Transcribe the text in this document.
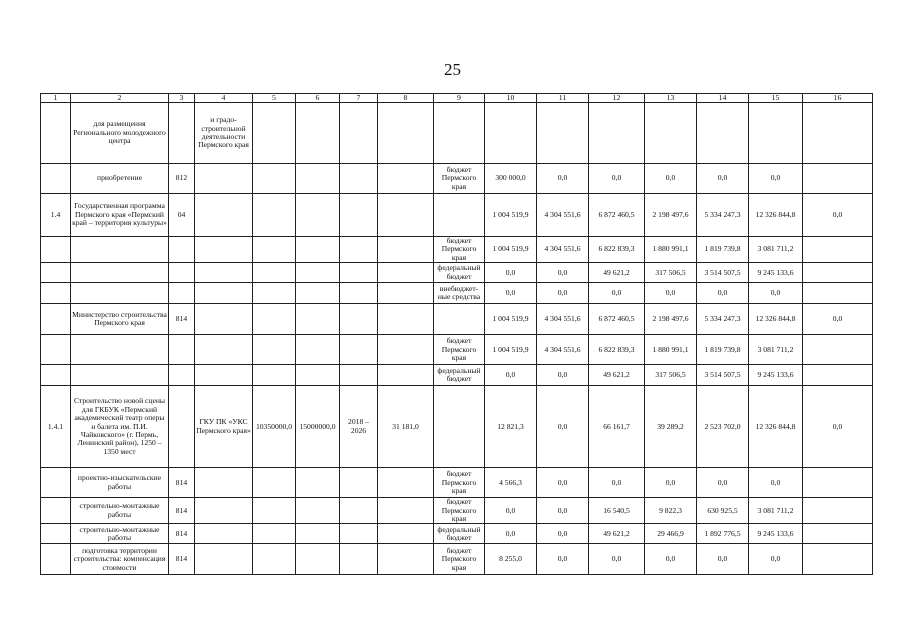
25
1	2	3	4	5	6	7	8	9	10	11	12	13	14	15	16
	для размещения Регионального молодежного центра		и градо-строительной деятельности Пермского края												
	приобретение	812						бюджет Пермского края	300 000,0	0,0	0,0	0,0	0,0	0,0	
1.4	Государственная программа Пермского края «Пермский край – территория культуры»	04							1 004 519,9	4 304 551,6	6 872 460,5	2 198 497,6	5 334 247,3	12 326 844,8	0,0
								бюджет Пермского края	1 004 519,9	4 304 551,6	6 822 839,3	1 880 991,1	1 819 739,8	3 081 711,2	
								федеральный бюджет	0,0	0,0	49 621,2	317 506,5	3 514 507,5	9 245 133,6	
								внебюджет-ные средства	0,0	0,0	0,0	0,0	0,0	0,0	
	Министерство строительства Пермского края	814							1 004 519,9	4 304 551,6	6 872 460,5	2 198 497,6	5 334 247,3	12 326 844,8	0,0
								бюджет Пермского края	1 004 519,9	4 304 551,6	6 822 839,3	1 880 991,1	1 819 739,8	3 081 711,2	
								федеральный бюджет	0,0	0,0	49 621,2	317 506,5	3 514 507,5	9 245 133,6	
1.4.1	Строительство новой сцены для ГКБУК «Пермский академический театр оперы и балета им. П.И. Чайковского» (г. Пермь, Ленинский район), 1250 – 1350 мест		ГКУ ПК «УКС Пермского края»	10350000,0	15000000,0	2018 – 2026	31 181,0		12 821,3	0,0	66 161,7	39 289,2	2 523 702,0	12 326 844,8	0,0
	проектно-изыскательские работы	814						бюджет Пермского края	4 566,3	0,0	0,0	0,0	0,0	0,0	
	строительно-монтажные работы	814						бюджет Пермского края	0,0	0,0	16 540,5	9 822,3	630 925,5	3 081 711,2	
	строительно-монтажные работы	814						федеральный бюджет	0,0	0,0	49 621,2	29 466,9	1 892 776,5	9 245 133,6	
	подготовка территории строительства: компенсация стоимости	814						бюджет Пермского края	8 255,0	0,0	0,0	0,0	0,0	0,0	
